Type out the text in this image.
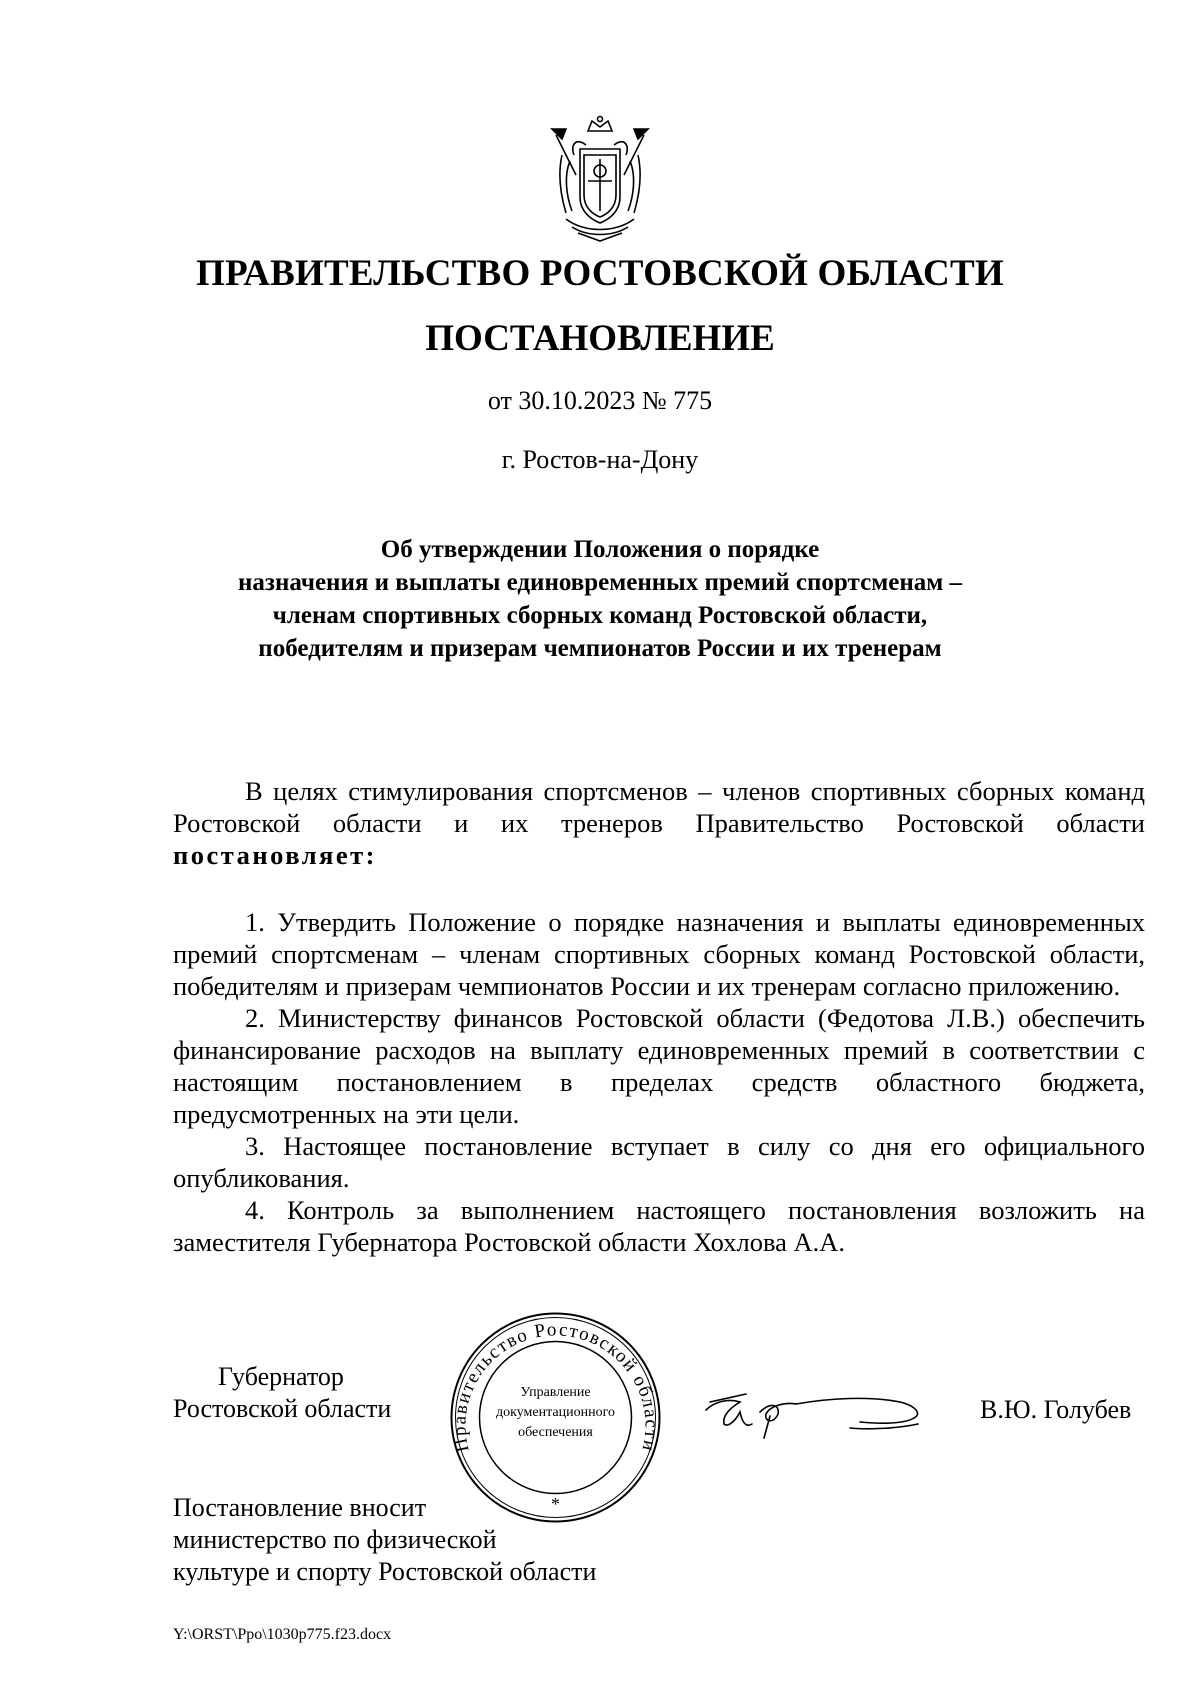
ПРАВИТЕЛЬСТВО РОСТОВСКОЙ ОБЛАСТИ
ПОСТАНОВЛЕНИЕ
от 30.10.2023 № 775
г. Ростов-на-Дону
Об утверждении Положения о порядке
назначения и выплаты единовременных премий спортсменам –
членам спортивных сборных команд Ростовской области,
победителям и призерам чемпионатов России и их тренерам
В целях стимулирования спортсменов – членов спортивных сборных команд Ростовской области и их тренеров Правительство Ростовской области постановляет:

1. Утвердить Положение о порядке назначения и выплаты единовременных премий спортсменам – членам спортивных сборных команд Ростовской области, победителям и призерам чемпионатов России и их тренерам согласно приложению.

2. Министерству финансов Ростовской области (Федотова Л.В.) обеспечить финансирование расходов на выплату единовременных премий в соответствии с настоящим постановлением в пределах средств областного бюджета, предусмотренных на эти цели.

3. Настоящее постановление вступает в силу со дня его официального опубликования.

4. Контроль за выполнением настоящего постановления возложить на заместителя Губернатора Ростовской области Хохлова А.А.

Губернатор
Ростовской области
Правительство Ростовской области
Управление
документационного
обеспечения
*
В.Ю. Голубев
Постановление вносит
министерство по физической
культуре и спорту Ростовской области
Y:\ORST\Ppo\1030p775.f23.docx
